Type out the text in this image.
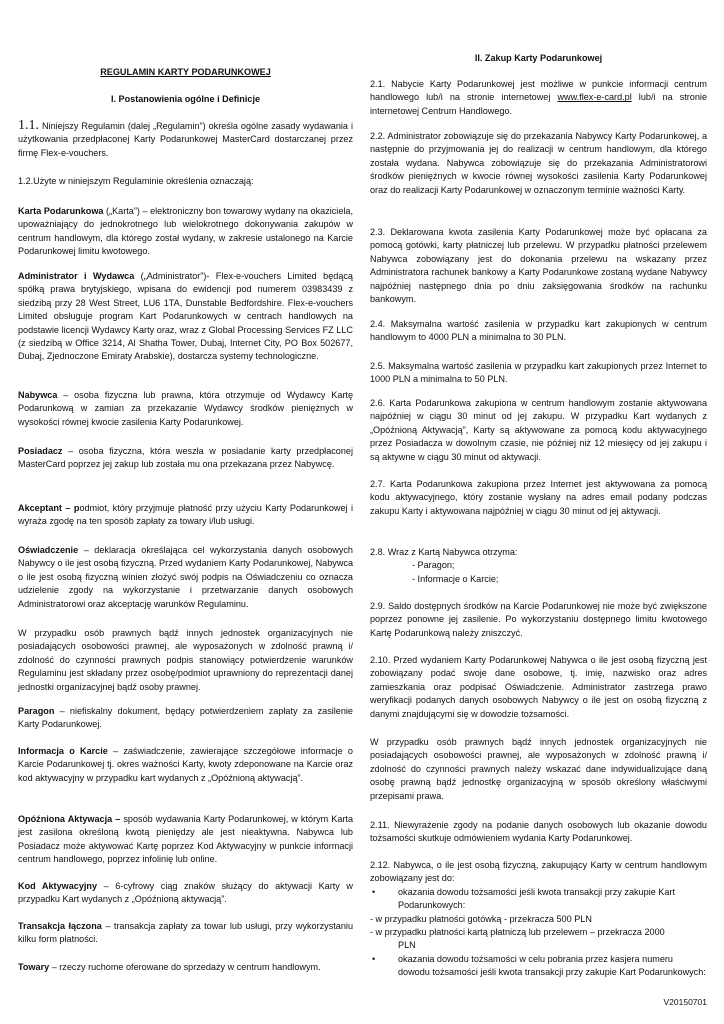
REGULAMIN KARTY PODARUNKOWEJ

I. Postanowienia ogólne i Definicje

1.1. Niniejszy Regulamin (dalej „Regulamin”) określa ogólne zasady wydawania i użytkowania przedpłaconej Karty Podarunkowej MasterCard dostarczanej przez firmę Flex-e-vouchers.

1.2.Użyte w niniejszym Regulaminie określenia oznaczają:

Karta Podarunkowa („Karta”) – elektroniczny bon towarowy wydany na okaziciela, upoważniający do jednokrotnego lub wielokrotnego dokonywania zakupów w centrum handlowym, dla którego został wydany, w zakresie ustalonego na Karcie Podarunkowej limitu kwotowego.

Administrator i Wydawca („Administrator”)- Flex-e-vouchers Limited będącą spółką prawa brytyjskiego, wpisana do ewidencji pod numerem 03983439 z siedzibą przy 28 West Street, LU6 1TA, Dunstable Bedfordshire. Flex-e-vouchers Limited obsługuje program Kart Podarunkowych w centrach handlowych na podstawie licencji Wydawcy Karty oraz, wraz z Global Processing Services FZ LLC (z siedzibą w Office 3214, Al Shatha Tower, Dubaj, Internet City, PO Box 502677, Dubaj, Zjednoczone Emiraty Arabskie), dostarcza systemy technologiczne.

Nabywca – osoba fizyczna lub prawna, która otrzymuje od Wydawcy Kartę Podarunkową w zamian za przekazanie Wydawcy środków pieniężnych w wysokości równej kwocie zasilenia Karty Podarunkowej.

Posiadacz – osoba fizyczna, która weszła w posiadanie karty przedpłaconej MasterCard poprzez jej zakup lub została mu ona przekazana przez Nabywcę.

Akceptant – podmiot, który przyjmuje płatność przy użyciu Karty Podarunkowej i wyraża zgodę na ten sposób zapłaty za towary i/lub usługi.

Oświadczenie – deklaracja określająca cel wykorzystania danych osobowych Nabywcy o ile jest osobą fizyczną. Przed wydaniem Karty Podarunkowej, Nabywca o ile jest osobą fizyczną winien złożyć swój podpis na Oświadczeniu co oznacza udzielenie zgody na wykorzystanie i przetwarzanie danych osobowych Administratorowi oraz akceptację warunków Regulaminu.

W przypadku osób prawnych bądź innych jednostek organizacyjnych nie posiadających osobowości prawnej, ale wyposażonych w zdolność prawną i/ zdolność do czynności prawnych podpis stanowiący potwierdzenie warunków Regulaminu jest składany przez osobę/podmiot uprawniony do reprezentacji danej jednostki organizacyjnej bądź osoby prawnej.

Paragon – niefiskalny dokument, będący potwierdzeniem zapłaty za zasilenie Karty Podarunkowej.

Informacja o Karcie – zaświadczenie, zawierające szczegółowe informacje o Karcie Podarunkowej tj. okres ważności Karty, kwoty zdeponowane na Karcie oraz kod aktywacyjny w przypadku kart wydanych z „Opóźnioną aktywacją”.

Opóźniona Aktywacja – sposób wydawania Karty Podarunkowej, w którym Karta jest zasilona określoną kwotą pieniędzy ale jest nieaktywna. Nabywca lub Posiadacz może aktywować Kartę poprzez Kod Aktywacyjny w punkcie informacji centrum handlowego, poprzez infolinię lub online.

Kod Aktywacyjny – 6-cyfrowy ciąg znaków służący do aktywacji Karty w przypadku Kart wydanych z „Opóźnioną aktywacją”.

Transakcja łączona – transakcja zapłaty za towar lub usługi, przy wykorzystaniu kilku form płatności.

Towary – rzeczy ruchome oferowane do sprzedaży w centrum handlowym.

II. Zakup Karty Podarunkowej

2.1. Nabycie Karty Podarunkowej jest możliwe w punkcie informacji centrum handlowego lub/i na stronie internetowej www.flex-e-card.pl lub/i na stronie internetowej Centrum Handlowego.

2.2. Administrator zobowiązuje się do przekazania Nabywcy Karty Podarunkowej, a następnie do przyjmowania jej do realizacji w centrum handlowym, dla którego została wydana. Nabywca zobowiązuje się do przekazania Administratorowi środków pieniężnych w kwocie równej wysokości zasilenia Karty Podarunkowej oraz do realizacji Karty Podarunkowej w oznaczonym terminie ważności Karty.

2.3. Deklarowana kwota zasilenia Karty Podarunkowej może być opłacana za pomocą gotówki, karty płatniczej lub przelewu. W przypadku płatności przelewem Nabywca zobowiązany jest do dokonania przelewu na wskazany przez Administratora rachunek bankowy a Karty Podarunkowe zostaną wydane Nabywcy najpóźniej następnego dnia po dniu zaksięgowania środków na rachunku bankowym.

2.4. Maksymalna wartość zasilenia w przypadku kart zakupionych w centrum handlowym to 4000 PLN a minimalna to 30 PLN.

2.5. Maksymalna wartość zasilenia w przypadku kart zakupionych przez Internet to 1000 PLN a minimalna to 50 PLN.

2.6. Karta Podarunkowa zakupiona w centrum handlowym zostanie aktywowana najpóźniej w ciągu 30 minut od jej zakupu. W przypadku Kart wydanych z „Opóźnioną Aktywacją”, Karty są aktywowane za pomocą kodu aktywacyjnego przez Posiadacza w dowolnym czasie, nie później niż 12 miesięcy od jej zakupu i są aktywne w ciągu 30 minut od aktywacji.

2.7. Karta Podarunkowa zakupiona przez Internet jest aktywowana za pomocą kodu aktywacyjnego, który zostanie wysłany na adres email podany podczas zakupu Karty i aktywowana najpóźniej w ciągu 30 minut od jej aktywacji.

2.8. Wraz z Kartą Nabywca otrzyma:

- Paragon;
- Informacje o Karcie;

2.9. Saldo dostępnych środków na Karcie Podarunkowej nie może być zwiększone poprzez ponowne jej zasilenie. Po wykorzystaniu dostępnego limitu kwotowego Kartę Podarunkową należy zniszczyć.

2.10. Przed wydaniem Karty Podarunkowej Nabywca o ile jest osobą fizyczną jest zobowiązany podać swoje dane osobowe, tj. imię, nazwisko oraz adres zamieszkania oraz podpisać Oświadczenie. Administrator zastrzega prawo weryfikacji podanych danych osobowych Nabywcy o ile jest on osobą fizyczną z danymi znajdującymi się w dowodzie tożsamości.

W przypadku osób prawnych bądź innych jednostek organizacyjnych nie posiadających osobowości prawnej, ale wyposażonych w zdolność prawną i/ zdolność do czynności prawnych należy wskazać dane indywidualizujące daną osobę prawną bądź jednostkę organizacyjną w sposób określony właściwymi przepisami prawa.

2.11. Niewyrażenie zgody na podanie danych osobowych lub okazanie dowodu tożsamości skutkuje odmówieniem wydania Karty Podarunkowej.

2.12. Nabywca, o ile jest osobą fizyczną, zakupujący Karty w centrum handlowym zobowiązany jest do:

•	okazania dowodu tożsamości jeśli kwota transakcji przy zakupie Kart Podarunkowych:
- w przypadku płatności gotówką - przekracza 500 PLN
- w przypadku płatności kartą płatniczą lub przelewem – przekracza 2000
PLN
•	okazania dowodu tożsamości w celu pobrania przez kasjera numeru dowodu tożsamości jeśli kwota transakcji przy zakupie Kart Podarunkowych:
V20150701
